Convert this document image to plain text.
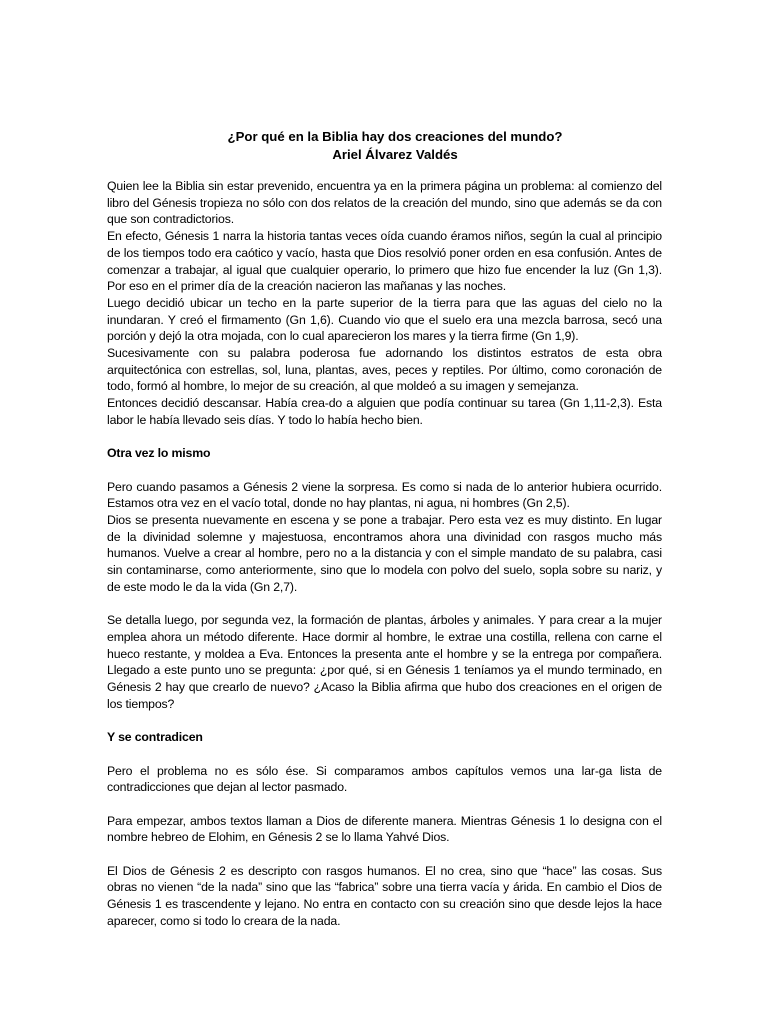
¿Por qué en la Biblia hay dos creaciones del mundo?
Ariel Álvarez Valdés

Quien lee la Biblia sin estar prevenido, encuentra ya en la primera página un problema: al comienzo del libro del Génesis tropieza no sólo con dos relatos de la creación del mundo, sino que además se da con que son contradictorios.

En efecto, Génesis 1 narra la historia tantas veces oída cuando éramos niños, según la cual al principio de los tiempos todo era caótico y vacío, hasta que Dios resolvió poner orden en esa confusión. Antes de comenzar a trabajar, al igual que cualquier operario, lo primero que hizo fue encender la luz (Gn 1,3). Por eso en el primer día de la creación nacieron las mañanas y las noches.

Luego decidió ubicar un techo en la parte superior de la tierra para que las aguas del cielo no la inundaran. Y creó el firmamento (Gn 1,6). Cuando vio que el suelo era una mezcla barrosa, secó una porción y dejó la otra mojada, con lo cual aparecieron los mares y la tierra firme (Gn 1,9).

Sucesivamente con su palabra poderosa fue adornando los distintos estratos de esta obra arquitectónica con estrellas, sol, luna, plantas, aves, peces y reptiles. Por último, como coronación de todo, formó al hombre, lo mejor de su creación, al que moldeó a su imagen y semejanza.

Entonces decidió descansar. Había crea-do a alguien que podía continuar su tarea (Gn 1,11-2,3). Esta labor le había llevado seis días. Y todo lo había hecho bien.

Otra vez lo mismo

Pero cuando pasamos a Génesis 2 viene la sorpresa. Es como si nada de lo anterior hubiera ocurrido. Estamos otra vez en el vacío total, donde no hay plantas, ni agua, ni hombres (Gn 2,5).

Dios se presenta nuevamente en escena y se pone a trabajar. Pero esta vez es muy distinto. En lugar de la divinidad solemne y majestuosa, encontramos ahora una divinidad con rasgos mucho más humanos. Vuelve a crear al hombre, pero no a la distancia y con el simple mandato de su palabra, casi sin contaminarse, como anteriormente, sino que lo modela con polvo del suelo, sopla sobre su nariz, y de este modo le da la vida (Gn 2,7).

Se detalla luego, por segunda vez, la formación de plantas, árboles y animales. Y para crear a la mujer emplea ahora un método diferente. Hace dormir al hombre, le extrae una costilla, rellena con carne el hueco restante, y moldea a Eva. Entonces la presenta ante el hombre y se la entrega por compañera. Llegado a este punto uno se pregunta: ¿por qué, si en Génesis 1 teníamos ya el mundo terminado, en Génesis 2 hay que crearlo de nuevo? ¿Acaso la Biblia afirma que hubo dos creaciones en el origen de los tiempos?

Y se contradicen

Pero el problema no es sólo ése. Si comparamos ambos capítulos vemos una lar-ga lista de contradicciones que dejan al lector pasmado.

Para empezar, ambos textos llaman a Dios de diferente manera. Mientras Génesis 1 lo designa con el nombre hebreo de Elohim, en Génesis 2 se lo llama Yahvé Dios.

El Dios de Génesis 2 es descripto con rasgos humanos. El no crea, sino que “hace” las cosas. Sus obras no vienen “de la nada” sino que las “fabrica” sobre una tierra vacía y árida. En cambio el Dios de Génesis 1 es trascendente y lejano. No entra en contacto con su creación sino que desde lejos la hace aparecer, como si todo lo creara de la nada.
